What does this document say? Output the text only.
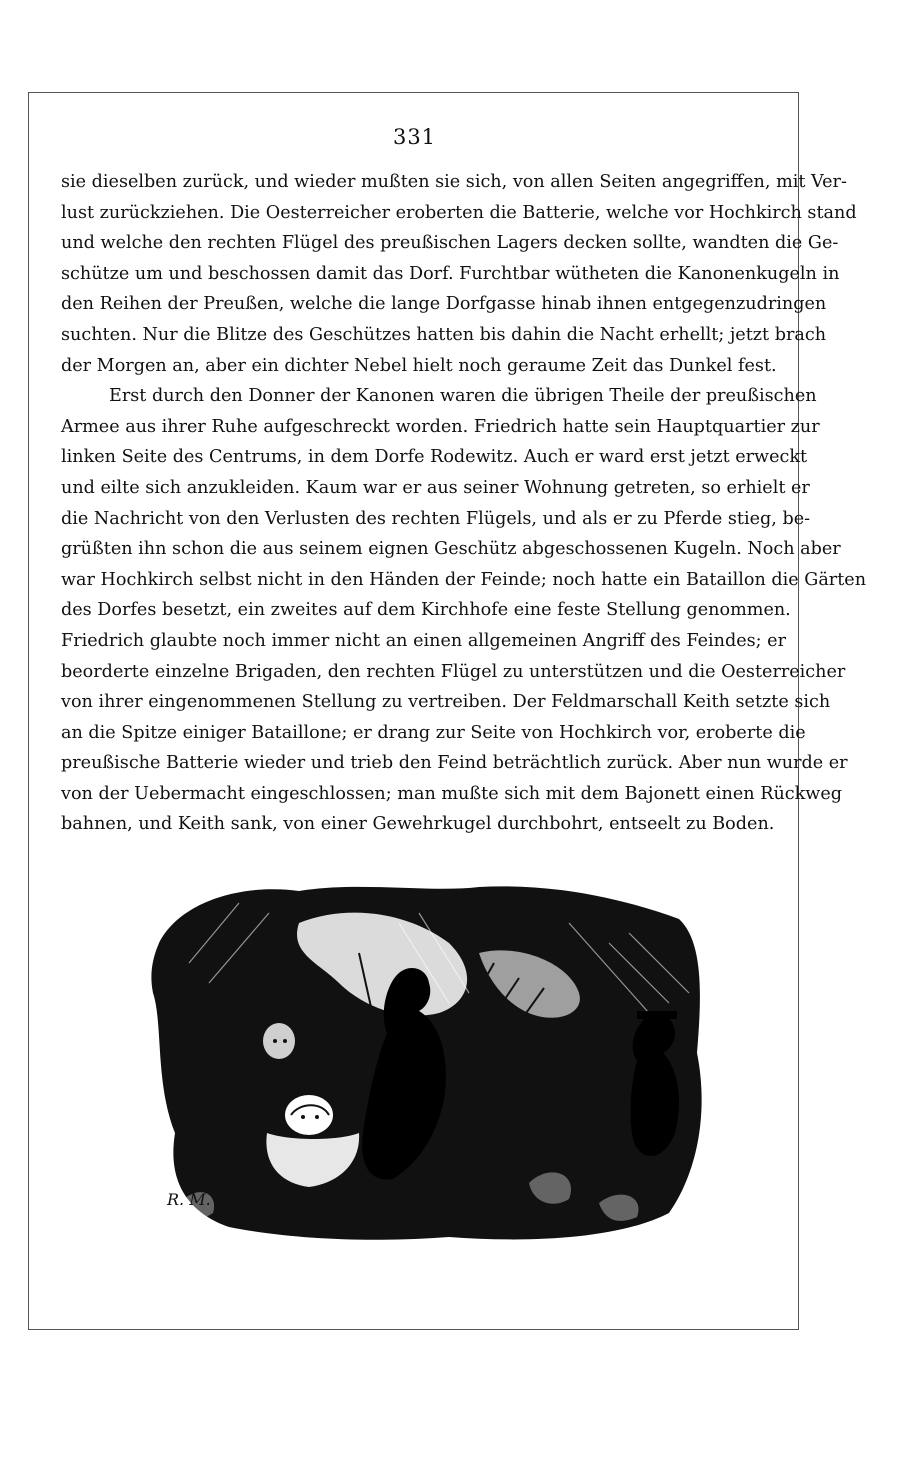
331
sie dieselben zurück, und wieder mußten sie sich, von allen Seiten angegriffen, mit Ver-
lust zurückziehen. Die Oesterreicher eroberten die Batterie, welche vor Hochkirch stand
und welche den rechten Flügel des preußischen Lagers decken sollte, wandten die Ge-
schütze um und beschossen damit das Dorf. Furchtbar wütheten die Kanonenkugeln in
den Reihen der Preußen, welche die lange Dorfgasse hinab ihnen entgegenzudringen
suchten. Nur die Blitze des Geschützes hatten bis dahin die Nacht erhellt; jetzt brach
der Morgen an, aber ein dichter Nebel hielt noch geraume Zeit das Dunkel fest.
Erst durch den Donner der Kanonen waren die übrigen Theile der preußischen
Armee aus ihrer Ruhe aufgeschreckt worden. Friedrich hatte sein Hauptquartier zur
linken Seite des Centrums, in dem Dorfe Rodewitz. Auch er ward erst jetzt erweckt
und eilte sich anzukleiden. Kaum war er aus seiner Wohnung getreten, so erhielt er
die Nachricht von den Verlusten des rechten Flügels, und als er zu Pferde stieg, be-
grüßten ihn schon die aus seinem eignen Geschütz abgeschossenen Kugeln. Noch aber
war Hochkirch selbst nicht in den Händen der Feinde; noch hatte ein Bataillon die Gärten
des Dorfes besetzt, ein zweites auf dem Kirchhofe eine feste Stellung genommen.
Friedrich glaubte noch immer nicht an einen allgemeinen Angriff des Feindes; er
beorderte einzelne Brigaden, den rechten Flügel zu unterstützen und die Oesterreicher
von ihrer eingenommenen Stellung zu vertreiben. Der Feldmarschall Keith setzte sich
an die Spitze einiger Bataillone; er drang zur Seite von Hochkirch vor, eroberte die
preußische Batterie wieder und trieb den Feind beträchtlich zurück. Aber nun wurde er
von der Uebermacht eingeschlossen; man mußte sich mit dem Bajonett einen Rückweg
bahnen, und Keith sank, von einer Gewehrkugel durchbohrt, entseelt zu Boden.
R. M.
